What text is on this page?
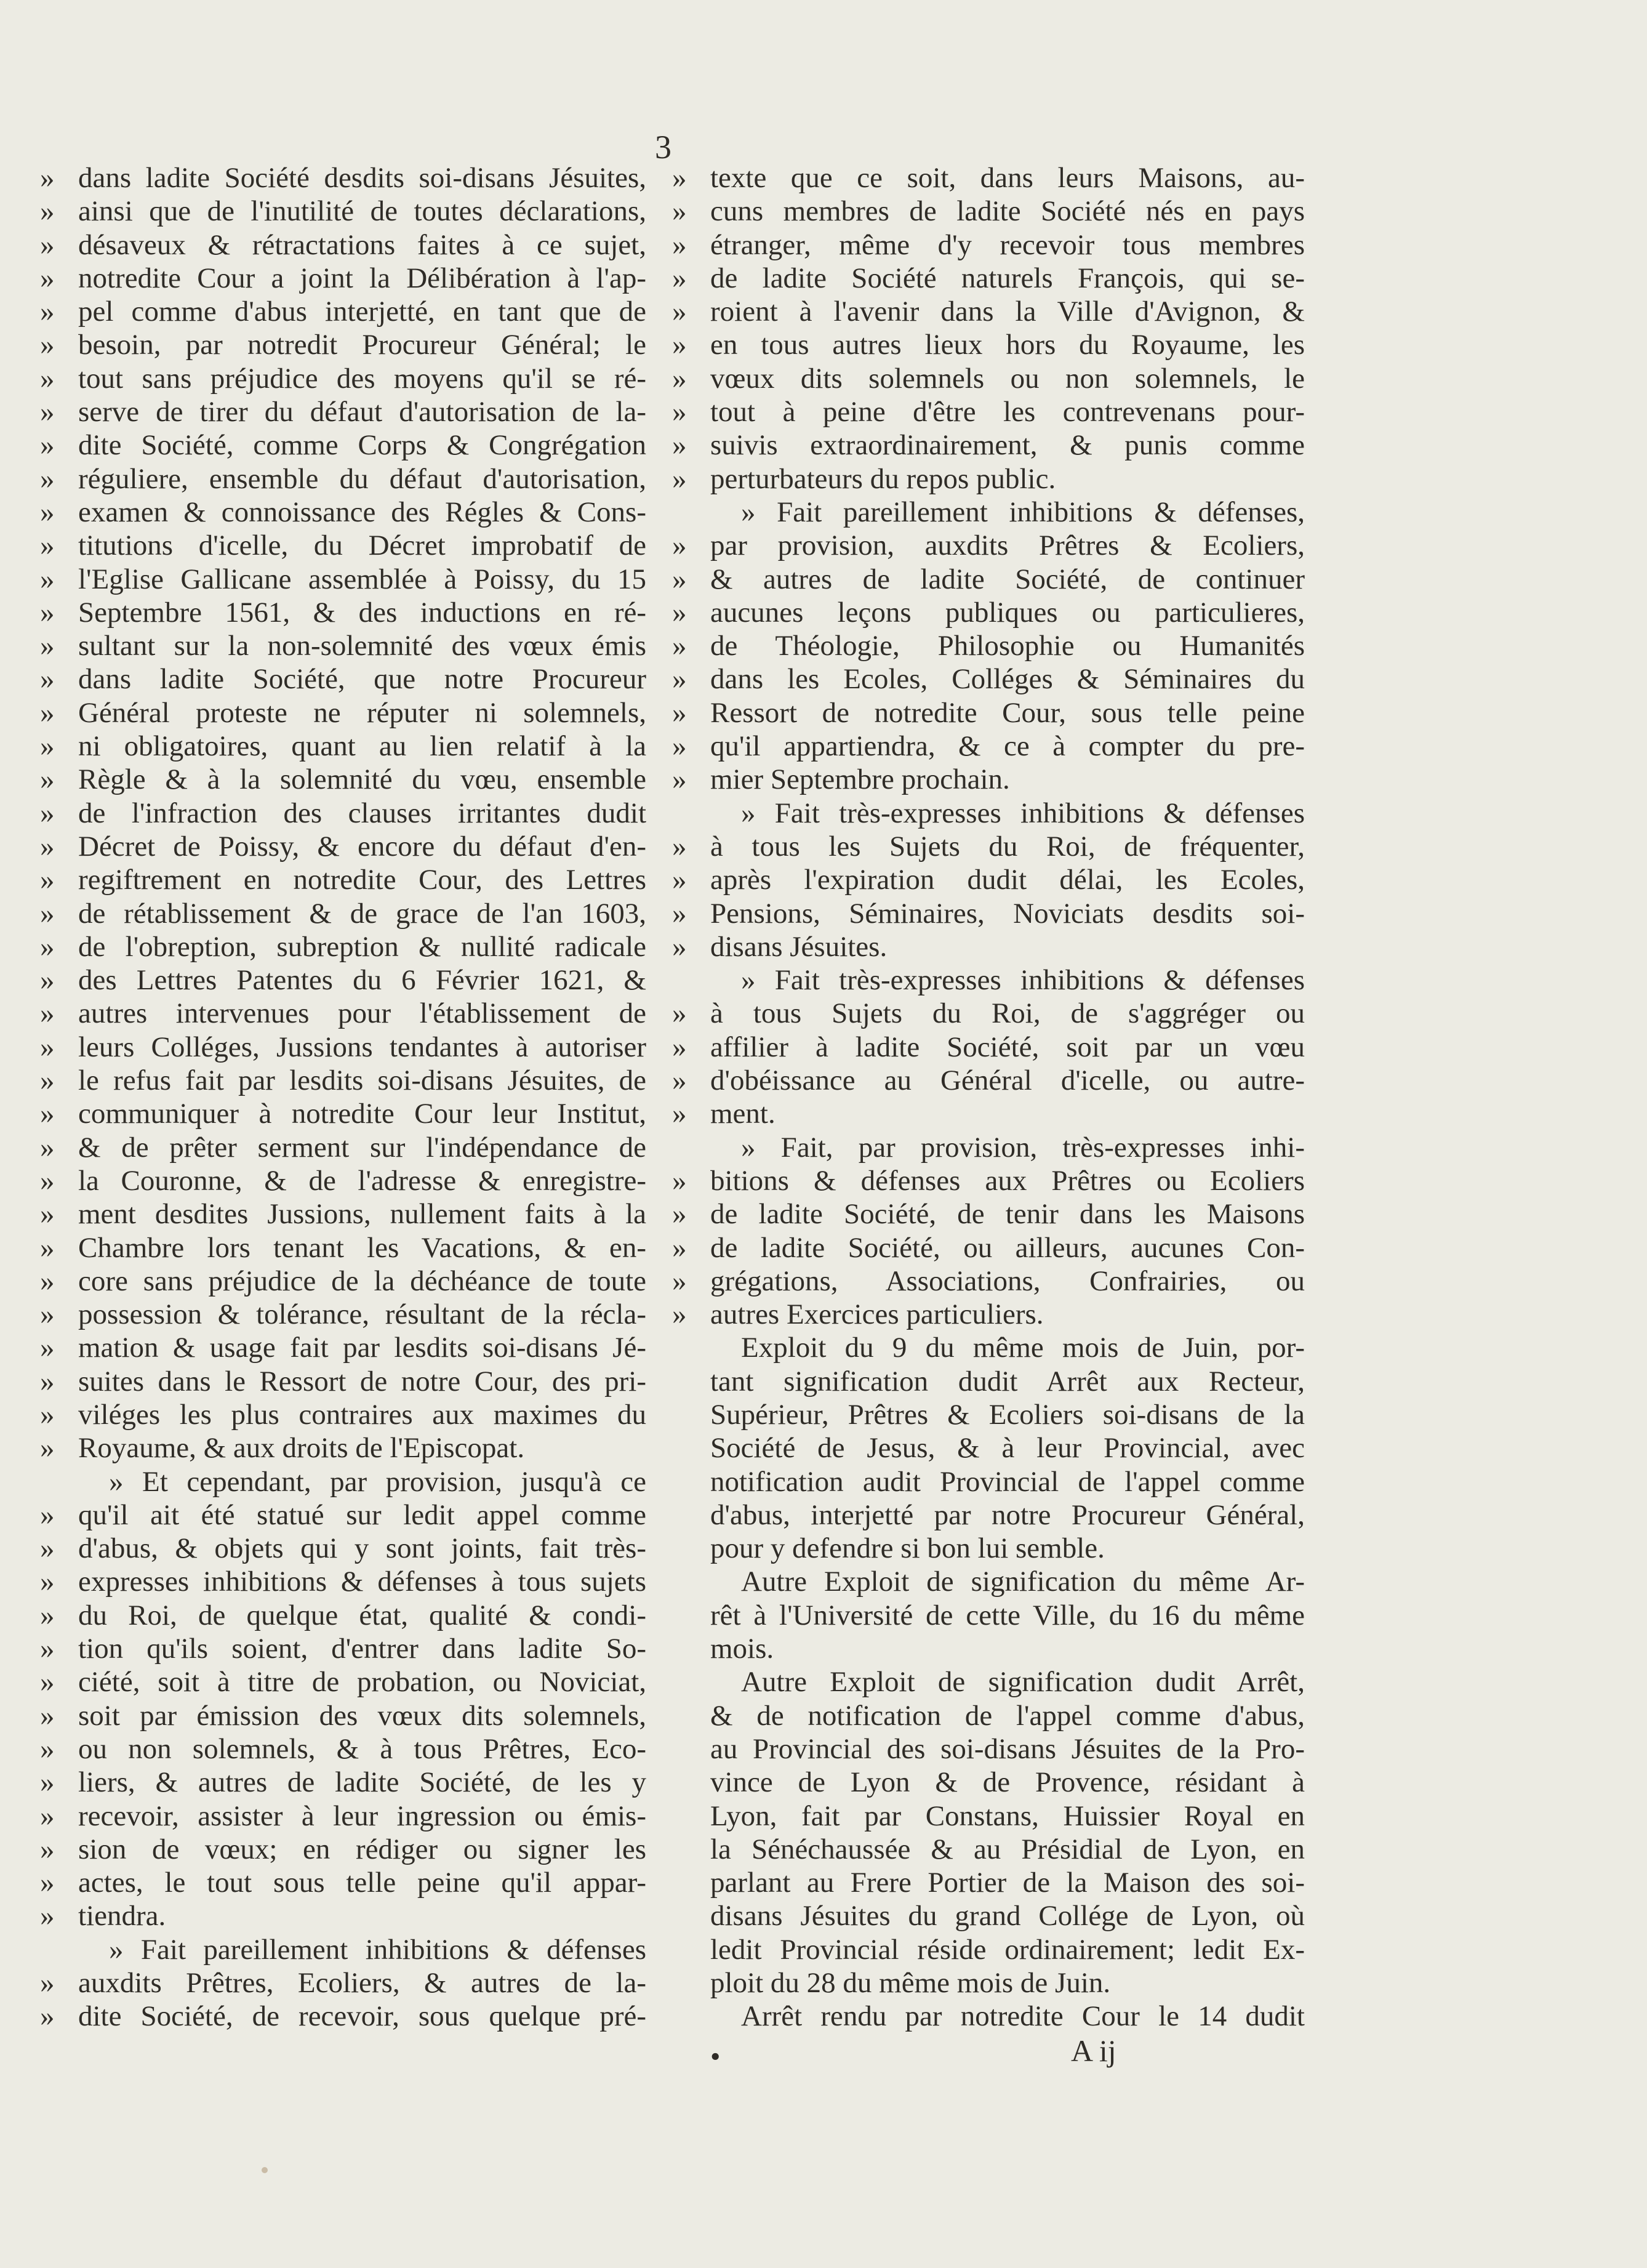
3
» dans ladite Société desdits soi-disans Jésuites,
» ainsi que de l'inutilité de toutes déclarations,
» désaveux & rétractations faites à ce sujet,
» notredite Cour a joint la Délibération à l'ap-
» pel comme d'abus interjetté, en tant que de
» besoin, par notredit Procureur Général; le
» tout sans préjudice des moyens qu'il se ré-
» serve de tirer du défaut d'autorisation de la-
» dite Société, comme Corps & Congrégation
» réguliere, ensemble du défaut d'autorisation,
» examen & connoissance des Régles & Cons-
» titutions d'icelle, du Décret improbatif de
» l'Eglise Gallicane assemblée à Poissy, du 15
» Septembre 1561, & des inductions en ré-
» sultant sur la non-solemnité des vœux émis
» dans ladite Société, que notre Procureur
» Général proteste ne réputer ni solemnels,
» ni obligatoires, quant au lien relatif à la
» Règle & à la solemnité du vœu, ensemble
» de l'infraction des clauses irritantes dudit
» Décret de Poissy, & encore du défaut d'en-
» regiftrement en notredite Cour, des Lettres
» de rétablissement & de grace de l'an 1603,
» de l'obreption, subreption & nullité radicale
» des Lettres Patentes du 6 Février 1621, &
» autres intervenues pour l'établissement de
» leurs Colléges, Jussions tendantes à autoriser
» le refus fait par lesdits soi-disans Jésuites, de
» communiquer à notredite Cour leur Institut,
» & de prêter serment sur l'indépendance de
» la Couronne, & de l'adresse & enregistre-
» ment desdites Jussions, nullement faits à la
» Chambre lors tenant les Vacations, & en-
» core sans préjudice de la déchéance de toute
» possession & tolérance, résultant de la récla-
» mation & usage fait par lesdits soi-disans Jé-
» suites dans le Ressort de notre Cour, des pri-
» viléges les plus contraires aux maximes du
» Royaume, & aux droits de l'Episcopat.
» Et cependant, par provision, jusqu'à ce
» qu'il ait été statué sur ledit appel comme
» d'abus, & objets qui y sont joints, fait très-
» expresses inhibitions & défenses à tous sujets
» du Roi, de quelque état, qualité & condi-
» tion qu'ils soient, d'entrer dans ladite So-
» ciété, soit à titre de probation, ou Noviciat,
» soit par émission des vœux dits solemnels,
» ou non solemnels, & à tous Prêtres, Eco-
» liers, & autres de ladite Société, de les y
» recevoir, assister à leur ingression ou émis-
» sion de vœux; en rédiger ou signer les
» actes, le tout sous telle peine qu'il appar-
» tiendra.
» Fait pareillement inhibitions & défenses
» auxdits Prêtres, Ecoliers, & autres de la-
» dite Société, de recevoir, sous quelque pré-
» texte que ce soit, dans leurs Maisons, au-
» cuns membres de ladite Société nés en pays
» étranger, même d'y recevoir tous membres
» de ladite Société naturels François, qui se-
» roient à l'avenir dans la Ville d'Avignon, &
» en tous autres lieux hors du Royaume, les
» vœux dits solemnels ou non solemnels, le
» tout à peine d'être les contrevenans pour-
» suivis extraordinairement, & punis comme
» perturbateurs du repos public.
» Fait pareillement inhibitions & défenses,
» par provision, auxdits Prêtres & Ecoliers,
» & autres de ladite Société, de continuer
» aucunes leçons publiques ou particulieres,
» de Théologie, Philosophie ou Humanités
» dans les Ecoles, Colléges & Séminaires du
» Ressort de notredite Cour, sous telle peine
» qu'il appartiendra, & ce à compter du pre-
» mier Septembre prochain.
» Fait très-expresses inhibitions & défenses
» à tous les Sujets du Roi, de fréquenter,
» après l'expiration dudit délai, les Ecoles,
» Pensions, Séminaires, Noviciats desdits soi-
» disans Jésuites.
» Fait très-expresses inhibitions & défenses
» à tous Sujets du Roi, de s'aggréger ou
» affilier à ladite Société, soit par un vœu
» d'obéissance au Général d'icelle, ou autre-
» ment.
» Fait, par provision, très-expresses inhi-
» bitions & défenses aux Prêtres ou Ecoliers
» de ladite Société, de tenir dans les Maisons
» de ladite Société, ou ailleurs, aucunes Con-
» grégations, Associations, Confrairies, ou
» autres Exercices particuliers.
Exploit du 9 du même mois de Juin, por-
tant signification dudit Arrêt aux Recteur,
Supérieur, Prêtres & Ecoliers soi-disans de la
Société de Jesus, & à leur Provincial, avec
notification audit Provincial de l'appel comme
d'abus, interjetté par notre Procureur Général,
pour y defendre si bon lui semble.
Autre Exploit de signification du même Ar-
rêt à l'Université de cette Ville, du 16 du même
mois.
Autre Exploit de signification dudit Arrêt,
& de notification de l'appel comme d'abus,
au Provincial des soi-disans Jésuites de la Pro-
vince de Lyon & de Provence, résidant à
Lyon, fait par Constans, Huissier Royal en
la Sénéchaussée & au Présidial de Lyon, en
parlant au Frere Portier de la Maison des soi-
disans Jésuites du grand Collége de Lyon, où
ledit Provincial réside ordinairement; ledit Ex-
ploit du 28 du même mois de Juin.
Arrêt rendu par notredite Cour le 14 dudit
•	A ij
